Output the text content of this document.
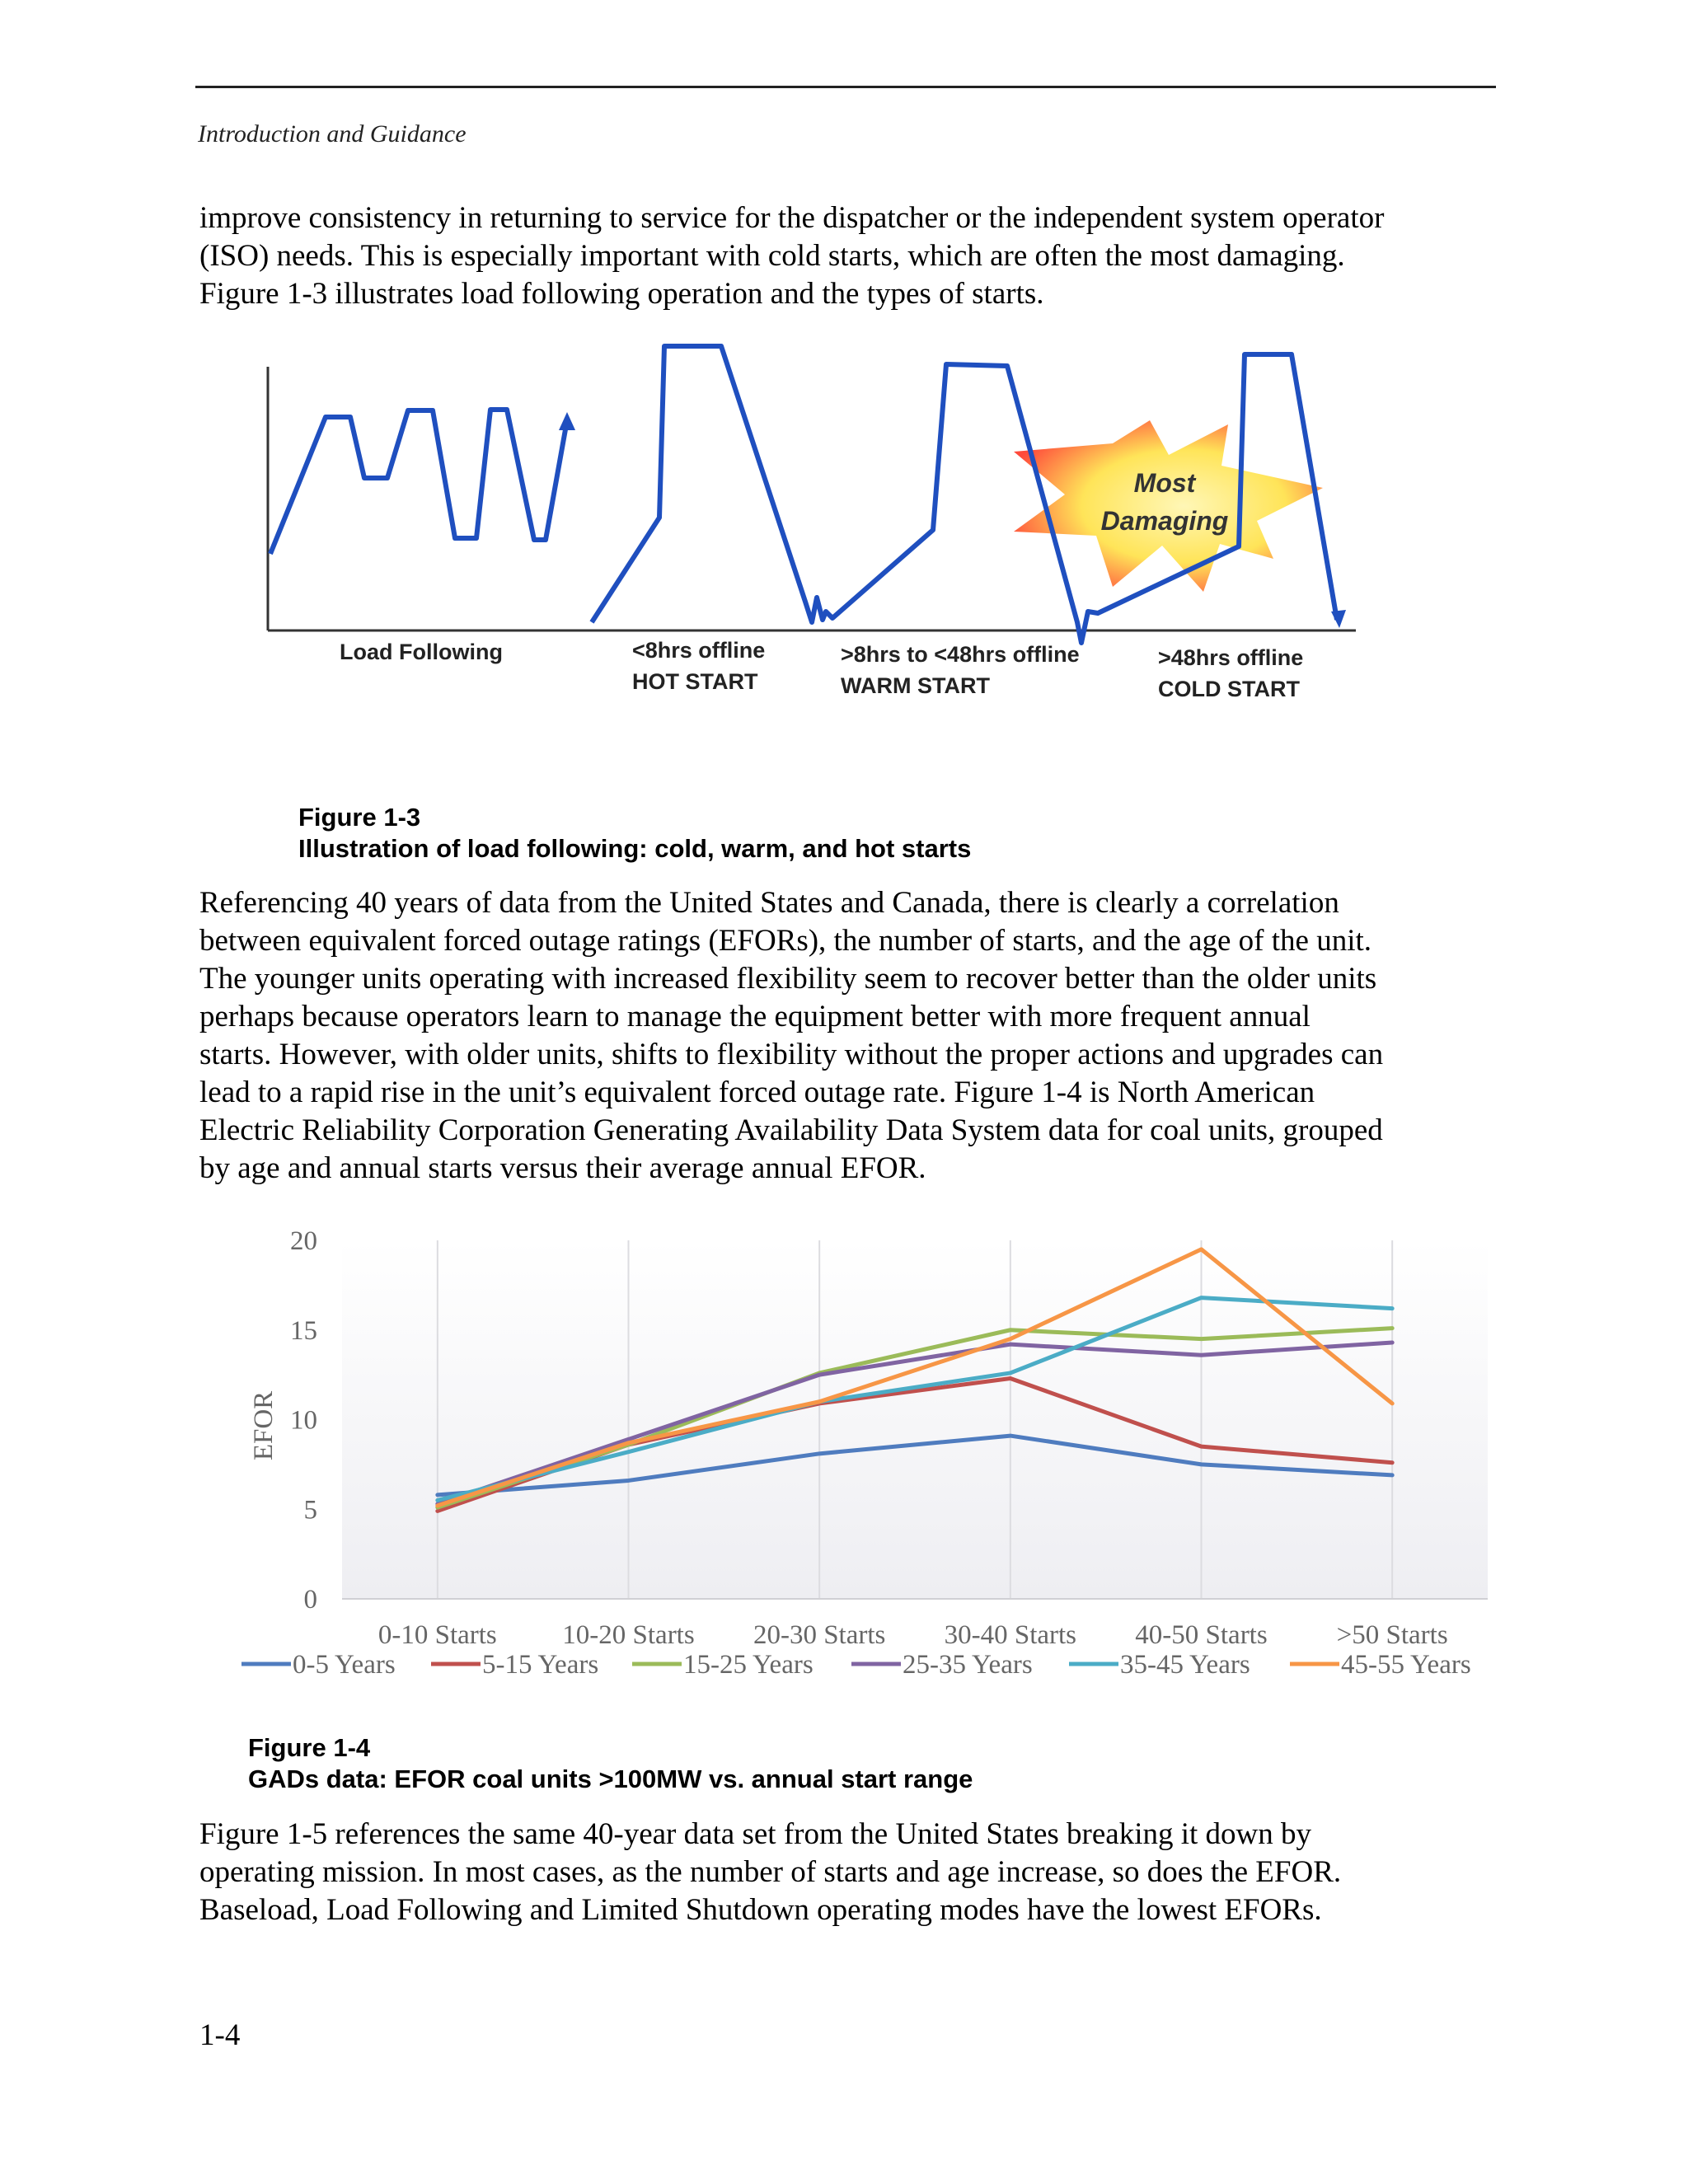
Introduction and Guidance
improve consistency in returning to service for the dispatcher or the independent system operator
(ISO) needs. This is especially important with cold starts, which are often the most damaging.
Figure 1-3 illustrates load following operation and the types of starts.
Most
Damaging
Load Following	<8hrs offline
HOT START
>8hrs to <48hrs offline
WARM START
>48hrs offline
COLD START
Figure 1-3
Illustration of load following: cold, warm, and hot starts
Referencing 40 years of data from the United States and Canada, there is clearly a correlation
between equivalent forced outage ratings (EFORs), the number of starts, and the age of the unit.
The younger units operating with increased flexibility seem to recover better than the older units
perhaps because operators learn to manage the equipment better with more frequent annual
starts. However, with older units, shifts to flexibility without the proper actions and upgrades can
lead to a rapid rise in the unit’s equivalent forced outage rate. Figure 1-4 is North American
Electric Reliability Corporation Generating Availability Data System data for coal units, grouped
by age and annual starts versus their average annual EFOR.
EFOR
0
5
10
15
20
0-10 Starts 10-20 Starts 20-30 Starts 30-40 Starts 40-50 Starts	>50 Starts
0-5 Years	5-15 Years	15-25 Years	25-35 Years	35-45 Years	45-55 Years
Figure 1-4
GADs data: EFOR coal units >100MW vs. annual start range
Figure 1-5 references the same 40-year data set from the United States breaking it down by
operating mission. In most cases, as the number of starts and age increase, so does the EFOR.
Baseload, Load Following and Limited Shutdown operating modes have the lowest EFORs.
1-4
